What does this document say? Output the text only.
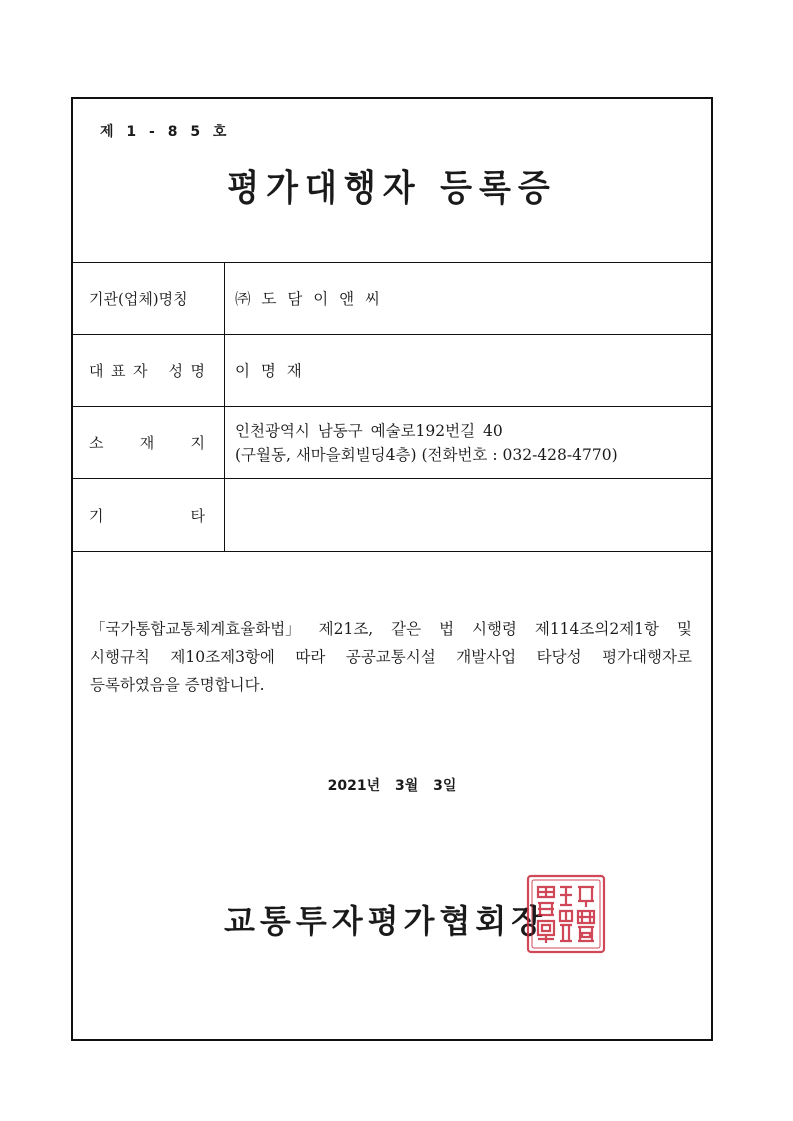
제 1 - 8 5 호
평가대행자 등록증
기관(업체)명칭	㈜ 도 담 이 앤 씨
대 표 자 성 명 이 명 재
소 재 지
인천광역시 남동구 예술로192번길 40
(구월동, 새마을회빌딩4층) (전화번호 : 032-428-4770)
기	타
「국가통합교통체계효율화법」 제21조, 같은 법 시행령 제114조의2제1항 및
시행규칙 제10조제3항에 따라 공공교통시설 개발사업 타당성 평가대행자로
등록하였음을 증명합니다.
2021년 3월 3일
교통투자평가협회장
